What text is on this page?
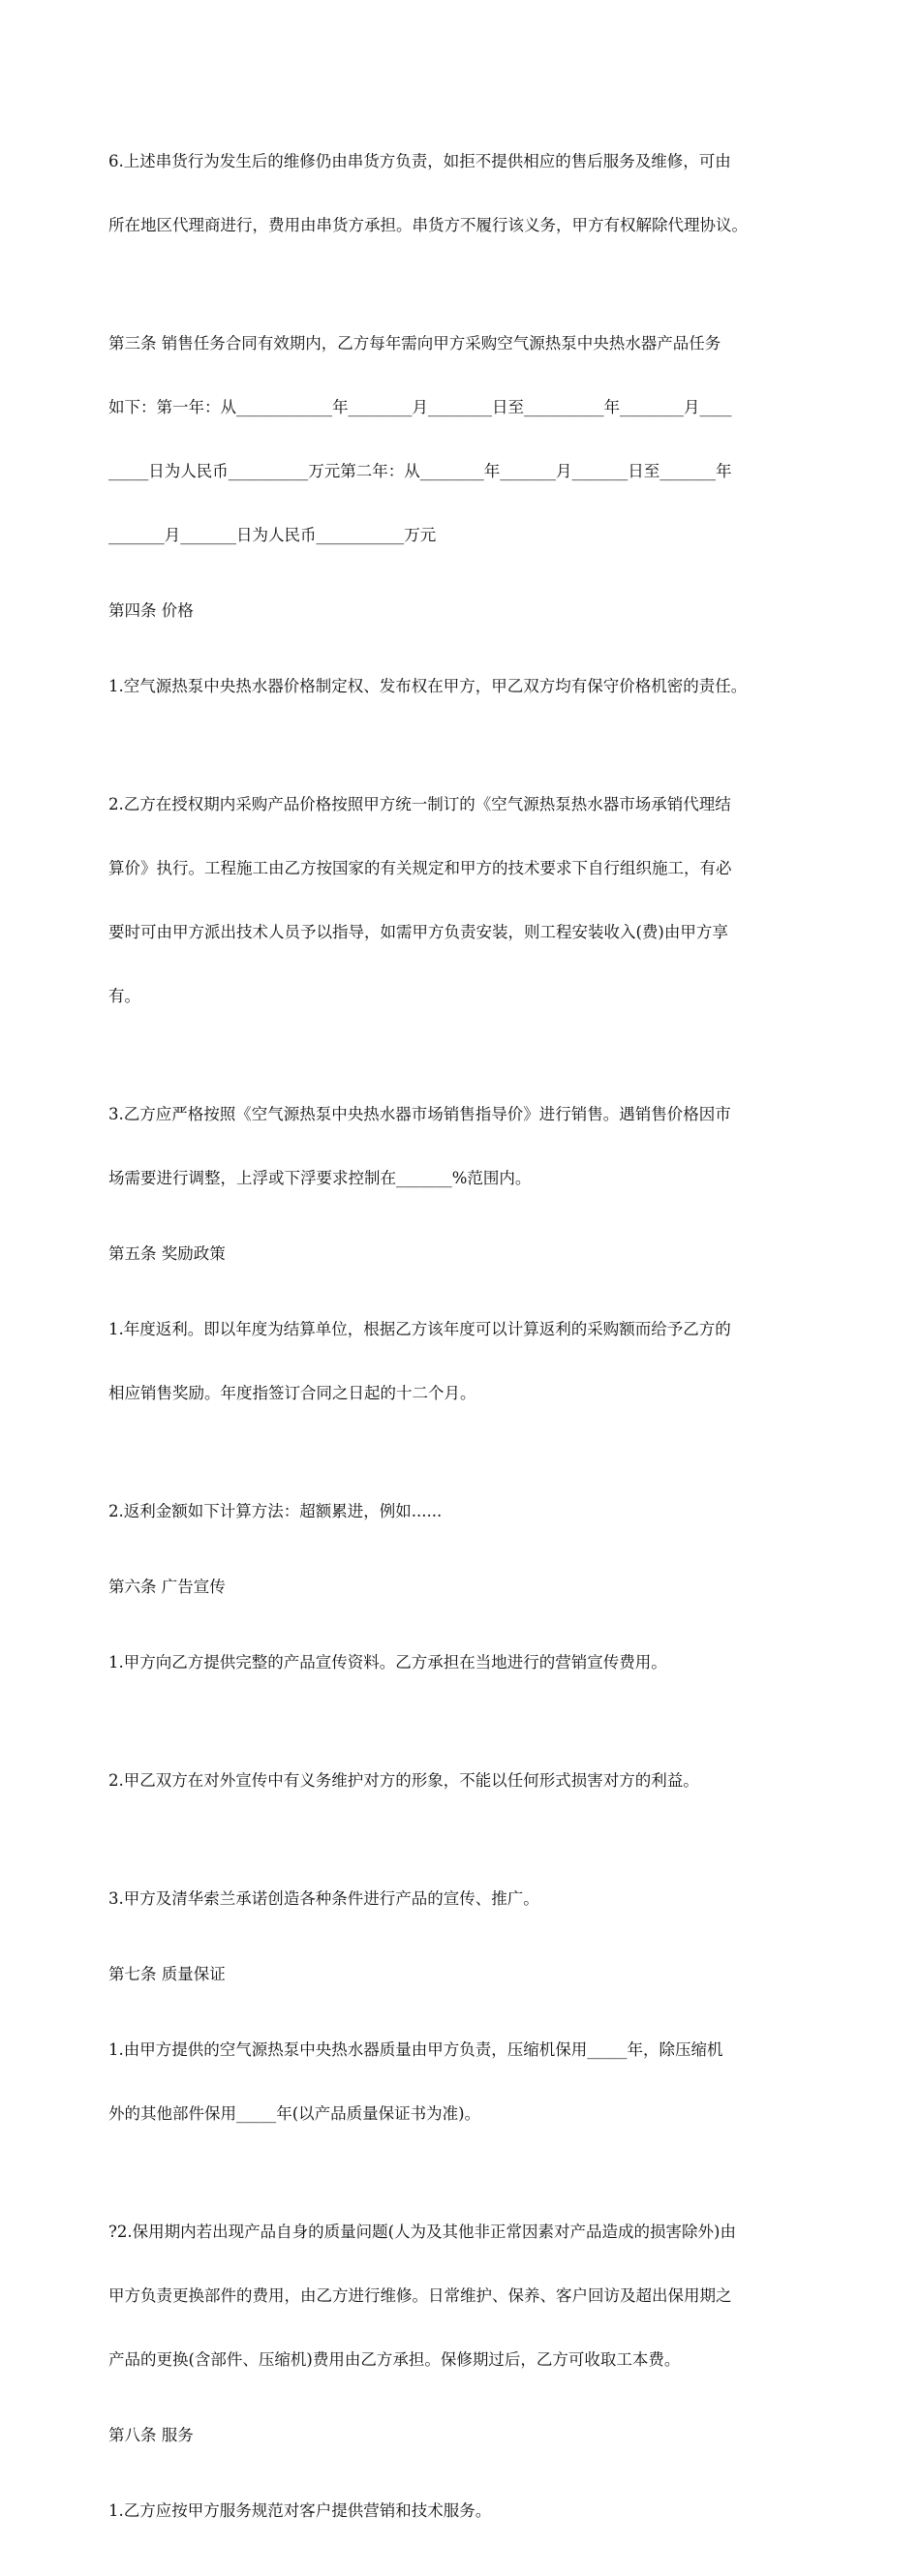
6.上述串货行为发生后的维修仍由串货方负责，如拒不提供相应的售后服务及维修，可由

所在地区代理商进行，费用由串货方承担。串货方不履行该义务，甲方有权解除代理协议。

第三条 销售任务合同有效期内，乙方每年需向甲方采购空气源热泵中央热水器产品任务

如下：第一年：从____________年________月________日至__________年________月____

_____日为人民币__________万元第二年：从________年_______月_______日至_______年

_______月_______日为人民币___________万元

第四条 价格

1.空气源热泵中央热水器价格制定权、发布权在甲方，甲乙双方均有保守价格机密的责任。

2.乙方在授权期内采购产品价格按照甲方统一制订的《空气源热泵热水器市场承销代理结

算价》执行。工程施工由乙方按国家的有关规定和甲方的技术要求下自行组织施工，有必

要时可由甲方派出技术人员予以指导，如需甲方负责安装，则工程安装收入(费)由甲方享

有。

3.乙方应严格按照《空气源热泵中央热水器市场销售指导价》进行销售。遇销售价格因市

场需要进行调整，上浮或下浮要求控制在_______%范围内。

第五条 奖励政策

1.年度返利。即以年度为结算单位，根据乙方该年度可以计算返利的采购额而给予乙方的

相应销售奖励。年度指签订合同之日起的十二个月。

2.返利金额如下计算方法：超额累进，例如......

第六条 广告宣传

1.甲方向乙方提供完整的产品宣传资料。乙方承担在当地进行的营销宣传费用。

2.甲乙双方在对外宣传中有义务维护对方的形象，不能以任何形式损害对方的利益。

3.甲方及清华索兰承诺创造各种条件进行产品的宣传、推广。

第七条 质量保证

1.由甲方提供的空气源热泵中央热水器质量由甲方负责，压缩机保用_____年，除压缩机

外的其他部件保用_____年(以产品质量保证书为准)。

?2.保用期内若出现产品自身的质量问题(人为及其他非正常因素对产品造成的损害除外)由

甲方负责更换部件的费用，由乙方进行维修。日常维护、保养、客户回访及超出保用期之

产品的更换(含部件、压缩机)费用由乙方承担。保修期过后，乙方可收取工本费。

第八条 服务

1.乙方应按甲方服务规范对客户提供营销和技术服务。
